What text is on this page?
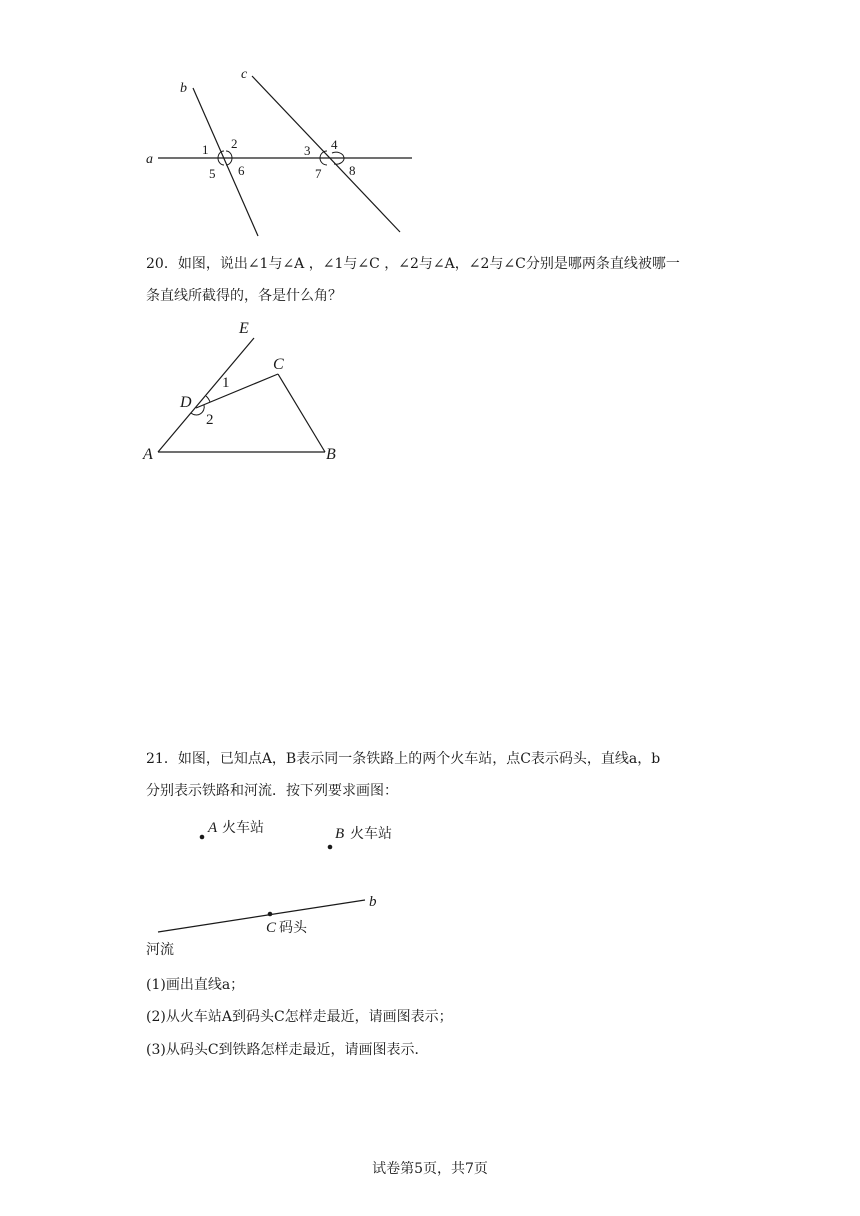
a
b
c
1 2	3 4
5 6	7 8
20．如图，说出∠1与∠A ，∠1与∠C ，∠2与∠A，∠2与∠C分别是哪两条直线被哪一
条直线所截得的，各是什么角？
E
C
D
A	B
1
2
21．如图，已知点A，B表示同一条铁路上的两个火车站，点C表示码头，直线a，b
分别表示铁路和河流．按下列要求画图：
A 火车站	B 火车站
C 码头
b
河流
(1)画出直线a；
(2)从火车站A到码头C怎样走最近，请画图表示；
(3)从码头C到铁路怎样走最近，请画图表示．
试卷第5页，共7页
